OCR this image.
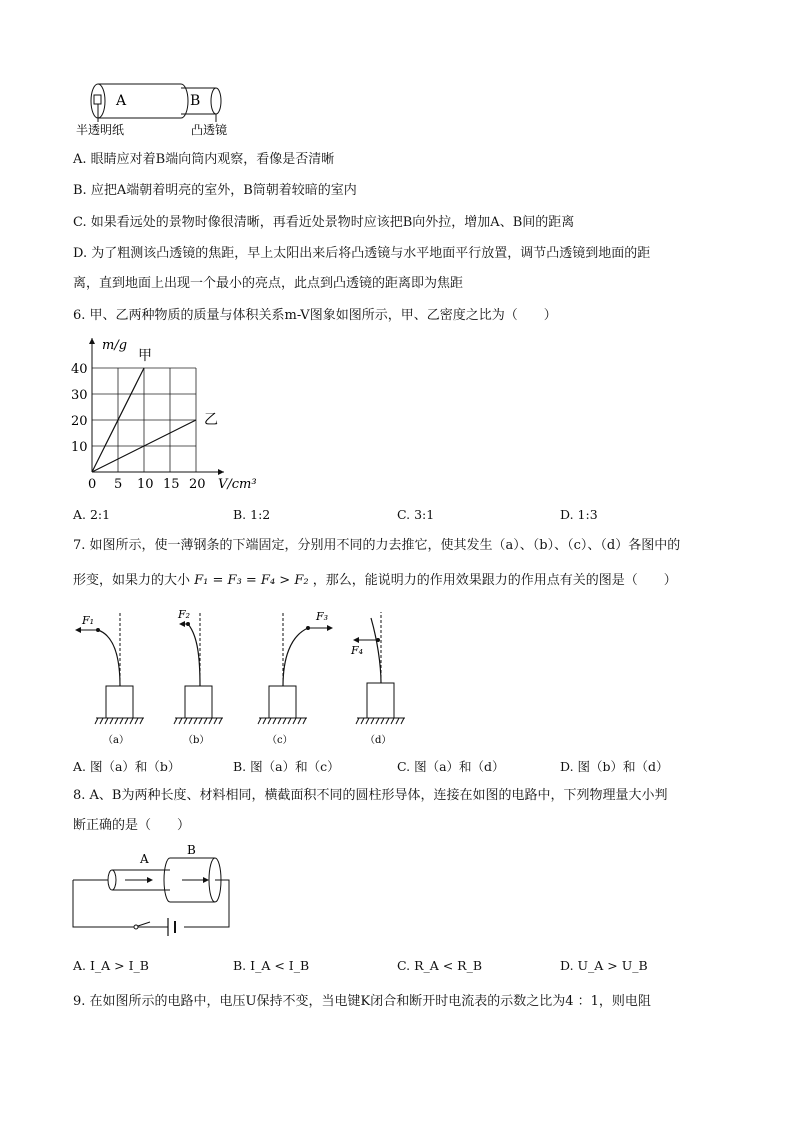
A	B
半透明纸	凸透镜
A. 眼睛应对着B端向筒内观察，看像是否清晰
B. 应把A端朝着明亮的室外，B筒朝着较暗的室内
C. 如果看远处的景物时像很清晰，再看近处景物时应该把B向外拉，增加A、B间的距离
D. 为了粗测该凸透镜的焦距，早上太阳出来后将凸透镜与水平地面平行放置，调节凸透镜到地面的距
离，直到地面上出现一个最小的亮点，此点到凸透镜的距离即为焦距
6. 甲、乙两种物质的质量与体积关系m-V图象如图所示，甲、乙密度之比为（　　）
0 5 10 15 20
10
20
30
40
m/g
V/cm³
甲
乙
A. 2:1	B. 1:2	C. 3:1	D. 1:3
7. 如图所示，使一薄钢条的下端固定，分别用不同的力去推它，使其发生（a）、（b）、（c）、（d）各图中的
形变，如果力的大小 F₁ = F₃ = F₄ > F₂ ，那么，能说明力的作用效果跟力的作用点有关的图是（　　）
F₁	F₂	F₃
F₄
（a）	（b）	（c）	（d）
A. 图（a）和（b）	B. 图（a）和（c）	C. 图（a）和（d）	D. 图（b）和（d）
8. A、B为两种长度、材料相同，横截面积不同的圆柱形导体，连接在如图的电路中，下列物理量大小判
断正确的是（　　）
A
B
A. I_A > I_B	B. I_A < I_B	C. R_A < R_B	D. U_A > U_B
9. 在如图所示的电路中，电压U保持不变，当电键K闭合和断开时电流表的示数之比为4 ：1，则电阻
